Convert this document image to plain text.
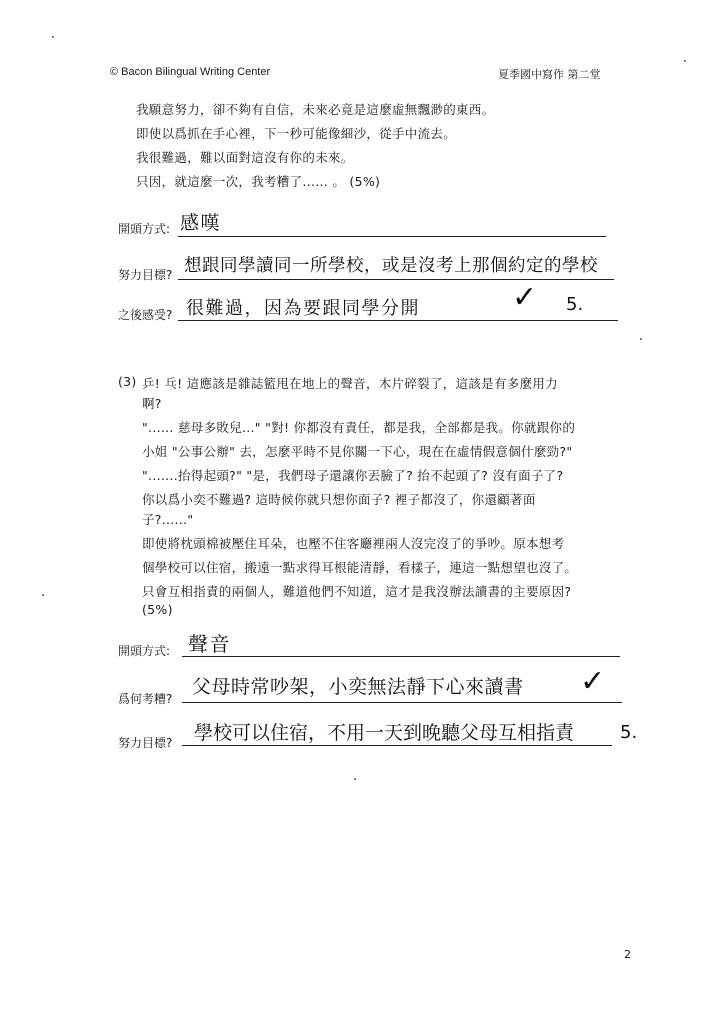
© Bacon Bilingual Writing Center	夏季國中寫作 第二堂
我願意努力，卻不夠有自信，未來必竟是這麼虛無飄渺的東西。
即使以爲抓在手心裡，下一秒可能像細沙，從手中流去。
我很難過，難以面對這沒有你的未來。
只因，就這麼一次，我考糟了...... 。 (5%)
開頭方式: 感嘆
努力目標? 想跟同學讀同一所學校，或是沒考上那個約定的學校
之後感受? 很難過，因為要跟同學分開	✓ 5.
(3) 乒! 乓! 這應該是雜誌籃甩在地上的聲音，木片碎裂了，這該是有多麼用力
啊?
"...... 慈母多敗兒..." "對! 你都沒有責任，都是我，全部都是我。你就跟你的
小姐 "公事公辦" 去，怎麼平時不見你關一下心，現在在虛情假意個什麼勁?"
".......抬得起頭?" "是，我們母子還讓你丟臉了? 抬不起頭了? 沒有面子了?
你以爲小奕不難過? 這時候你就只想你面子? 裡子都沒了，你還顧著面
子?......"
即使將枕頭棉被壓住耳朵，也壓不住客廳裡兩人沒完沒了的爭吵。原本想考
個學校可以住宿，搬遠一點求得耳根能清靜，看樣子，連這一點想望也沒了。
只會互相指責的兩個人，難道他們不知道，這才是我沒辦法讀書的主要原因?
(5%)
開頭方式: 聲音
爲何考糟?
父母時常吵架，小奕無法靜下心來讀書 ✓
努力目標? 學校可以住宿，不用一天到晚聽父母互相指責	5.
2
